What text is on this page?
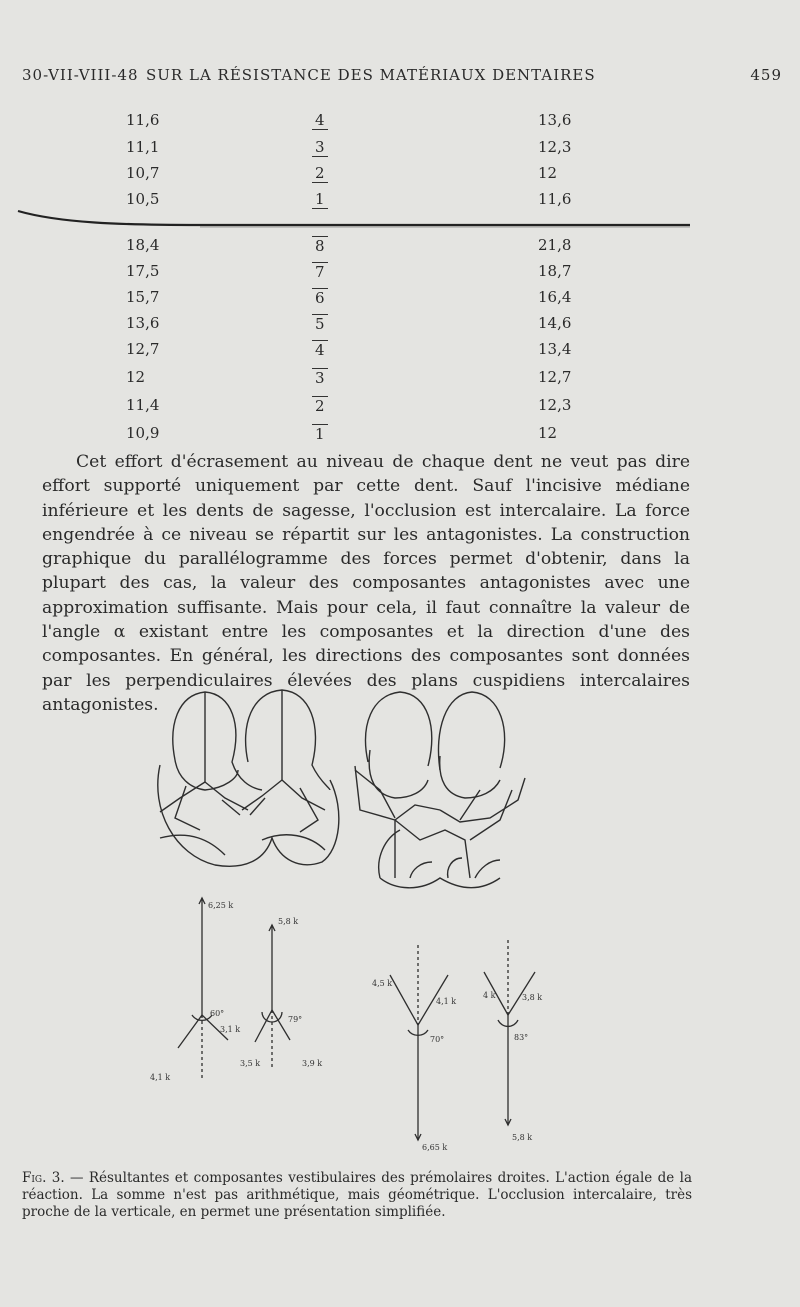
30-VII-VIII-48 SUR LA RÉSISTANCE DES MATÉRIAUX DENTAIRES	459
11,6	4	13,6
11,1	3	12,3
10,7	2	12
10,5	1	11,6
18,4	8	21,8
17,5	7	18,7
15,7	6	16,4
13,6	5	14,6
12,7	4	13,4
12	3	12,7
11,4	2	12,3
10,9	1	12

Cet effort d'écrasement au niveau de chaque dent ne veut pas dire effort supporté uniquement par cette dent. Sauf l'incisive médiane inférieure et les dents de sagesse, l'occlusion est intercalaire. La force engendrée à ce niveau se répartit sur les antagonistes. La construction graphique du parallélogramme des forces permet d'obtenir, dans la plupart des cas, la valeur des composantes antagonistes avec une approximation suffisante. Mais pour cela, il faut connaître la valeur de l'angle α existant entre les composantes et la direction d'une des composantes. En général, les directions des composantes sont données par les perpendiculaires élevées des plans cuspidiens intercalaires antagonistes.

6,25 k
60°
3,1 k
5,8 k
79°
4,1 k
3,5 k	3,9 k
4,5 k
4,1 k
4 k	3,8 k
70°	83°
6,65 k
5,8 k
Fig. 3. — Résultantes et composantes vestibulaires des prémolaires droites. L'action égale de la réaction. La somme n'est pas arithmétique, mais géométrique. L'occlusion intercalaire, très proche de la verticale, en permet une présentation simplifiée.
